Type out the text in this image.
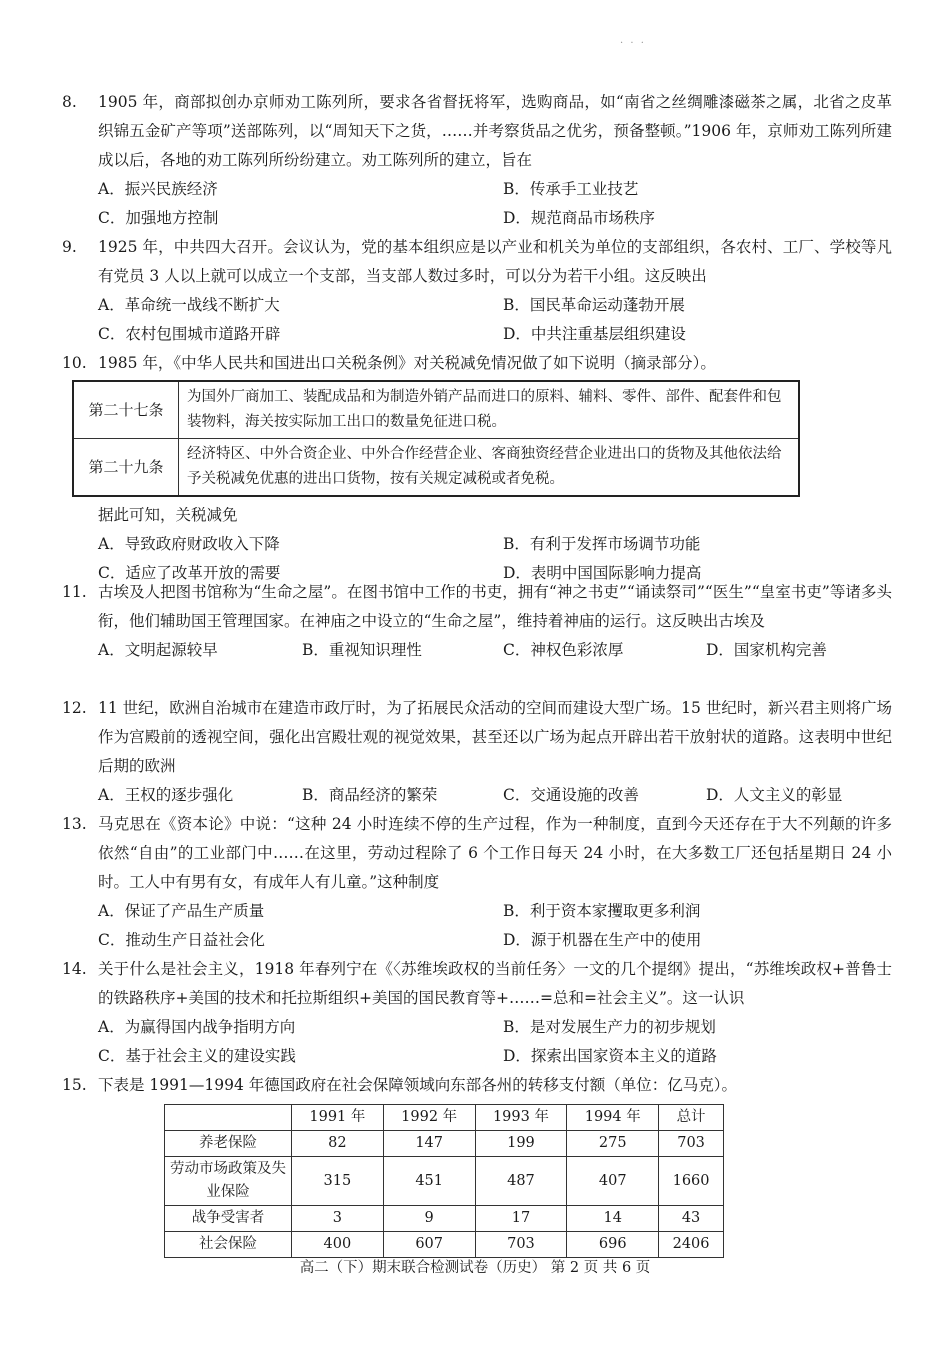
· · ·
8.	1905 年，商部拟创办京师劝工陈列所，要求各省督抚将军，选购商品，如“南省之丝绸雕漆磁茶之属，北省之皮革织锦五金矿产等项”送部陈列，以“周知天下之货，……并考察货品之优劣，预备整顿。”1906 年，京师劝工陈列所建成以后，各地的劝工陈列所纷纷建立。劝工陈列所的建立，旨在
A．振兴民族经济	B．传承手工业技艺
C．加强地方控制	D．规范商品市场秩序
9.	1925 年，中共四大召开。会议认为，党的基本组织应是以产业和机关为单位的支部组织，各农村、工厂、学校等凡有党员 3 人以上就可以成立一个支部，当支部人数过多时，可以分为若干小组。这反映出
A．革命统一战线不断扩大	B．国民革命运动蓬勃开展
C．农村包围城市道路开辟	D．中共注重基层组织建设
10. 1985 年，《中华人民共和国进出口关税条例》对关税减免情况做了如下说明（摘录部分）。
第二十七条	为国外厂商加工、装配成品和为制造外销产品而进口的原料、辅料、零件、部件、配套件和包装物料，海关按实际加工出口的数量免征进口税。
第二十九条	经济特区、中外合资企业、中外合作经营企业、客商独资经营企业进出口的货物及其他依法给予关税减免优惠的进出口货物，按有关规定减税或者免税。
据此可知，关税减免
A．导致政府财政收入下降	B．有利于发挥市场调节功能
C．适应了改革开放的需要	D．表明中国国际影响力提高
11. 古埃及人把图书馆称为“生命之屋”。在图书馆中工作的书吏，拥有“神之书吏”“诵读祭司”“医生”“皇室书吏”等诸多头衔，他们辅助国王管理国家。在神庙之中设立的“生命之屋”，维持着神庙的运行。这反映出古埃及
A．文明起源较早	B．重视知识理性	C．神权色彩浓厚	D．国家机构完善
12. 11 世纪，欧洲自治城市在建造市政厅时，为了拓展民众活动的空间而建设大型广场。15 世纪时，新兴君主则将广场作为宫殿前的透视空间，强化出宫殿壮观的视觉效果，甚至还以广场为起点开辟出若干放射状的道路。这表明中世纪后期的欧洲
A．王权的逐步强化	B．商品经济的繁荣	C．交通设施的改善	D．人文主义的彰显
13. 马克思在《资本论》中说：“这种 24 小时连续不停的生产过程，作为一种制度，直到今天还存在于大不列颠的许多依然“自由”的工业部门中……在这里，劳动过程除了 6 个工作日每天 24 小时，在大多数工厂还包括星期日 24 小时。工人中有男有女，有成年人有儿童。”这种制度
A．保证了产品生产质量	B．利于资本家攫取更多利润
C．推动生产日益社会化	D．源于机器在生产中的使用
14. 关于什么是社会主义，1918 年春列宁在《〈苏维埃政权的当前任务〉一文的几个提纲》提出，“苏维埃政权+普鲁士的铁路秩序+美国的技术和托拉斯组织+美国的国民教育等+……=总和=社会主义”。这一认识
A．为赢得国内战争指明方向	B．是对发展生产力的初步规划
C．基于社会主义的建设实践	D．探索出国家资本主义的道路
15. 下表是 1991—1994 年德国政府在社会保障领域向东部各州的转移支付额（单位：亿马克）。
	1991 年	1992 年	1993 年	1994 年	总计
养老保险	82	147	199	275	703
劳动市场政策及失业保险	315	451	487	407	1660
战争受害者	3	9	17	14	43
社会保险	400	607	703	696	2406
高二（下）期末联合检测试卷（历史） 第 2 页 共 6 页
